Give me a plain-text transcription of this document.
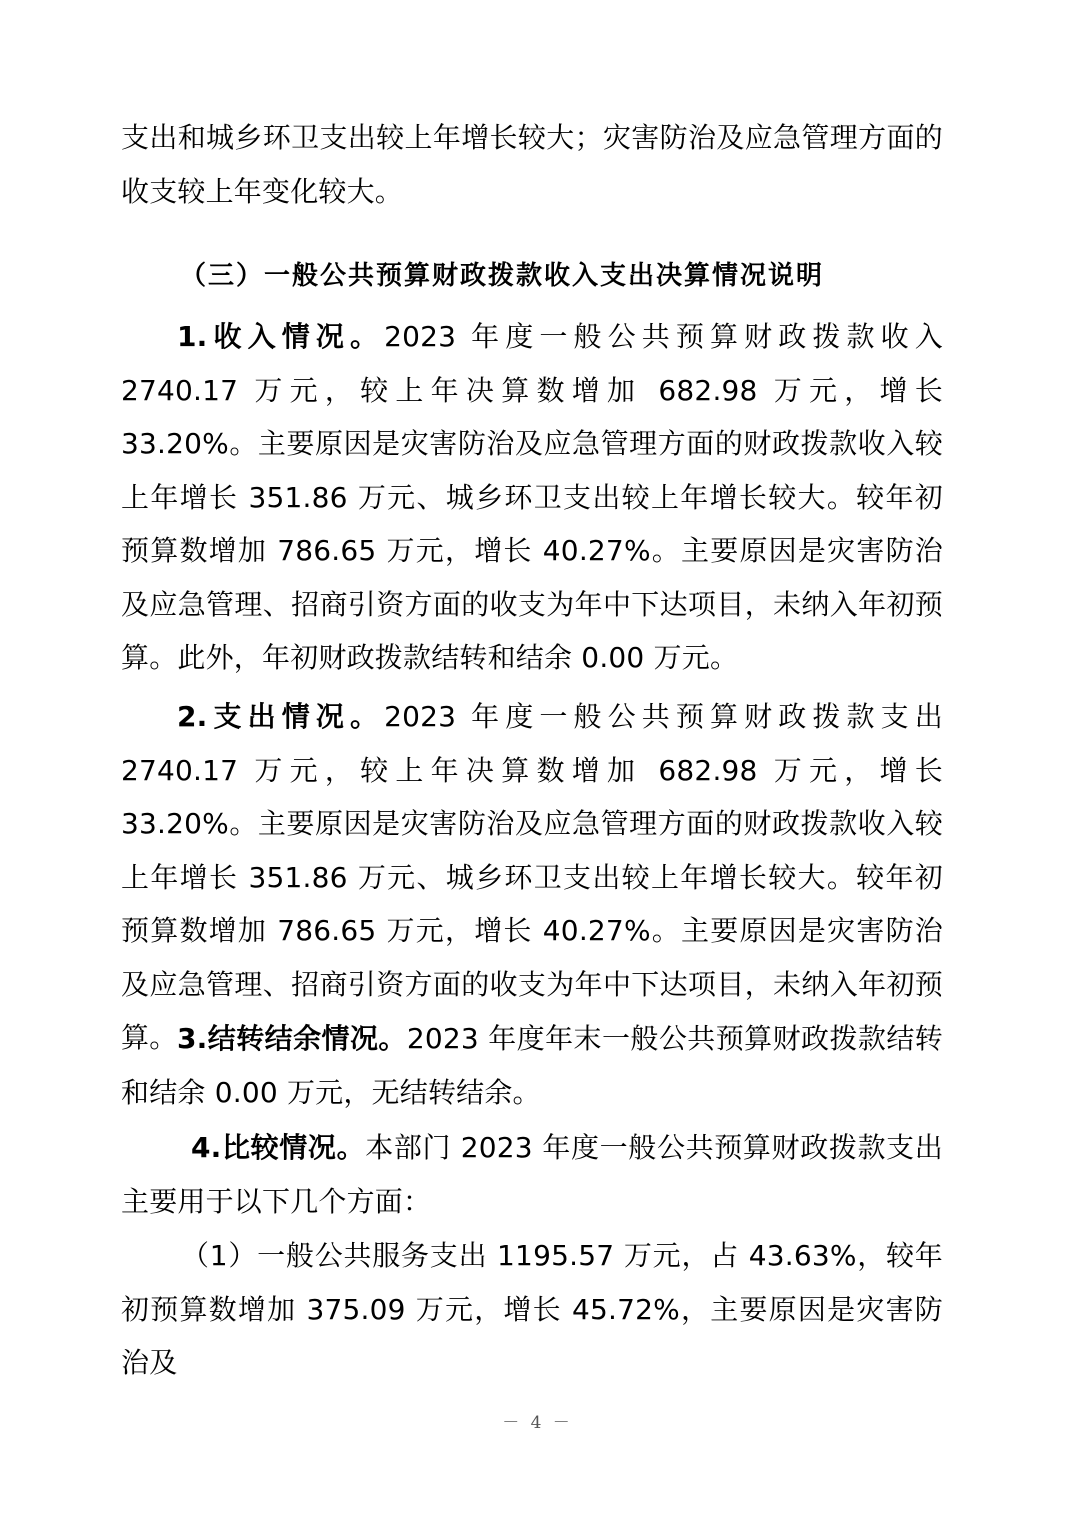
支出和城乡环卫支出较上年增长较大；灾害防治及应急管理方面的收支较上年变化较大。

（三）一般公共预算财政拨款收入支出决算情况说明

1.收入情况。2023 年度一般公共预算财政拨款收入 2740.17 万元，较上年决算数增加 682.98 万元，增长 33.20%。主要原因是灾害防治及应急管理方面的财政拨款收入较上年增长 351.86 万元、城乡环卫支出较上年增长较大。较年初预算数增加 786.65 万元，增长 40.27%。主要原因是灾害防治及应急管理、招商引资方面的收支为年中下达项目，未纳入年初预算。此外，年初财政拨款结转和结余 0.00 万元。

2.支出情况。2023 年度一般公共预算财政拨款支出 2740.17 万元，较上年决算数增加 682.98 万元，增长 33.20%。主要原因是灾害防治及应急管理方面的财政拨款收入较上年增长 351.86 万元、城乡环卫支出较上年增长较大。较年初预算数增加 786.65 万元，增长 40.27%。主要原因是灾害防治及应急管理、招商引资方面的收支为年中下达项目，未纳入年初预算。 3.结转结余情况。2023 年度年末一般公共预算财政拨款结转和结余 0.00 万元，无结转结余。

4.比较情况。本部门 2023 年度一般公共预算财政拨款支出主要用于以下几个方面：

（1）一般公共服务支出 1195.57 万元，占 43.63%，较年初预算数增加 375.09 万元，增长 45.72%，主要原因是灾害防治及

－ 4 －
